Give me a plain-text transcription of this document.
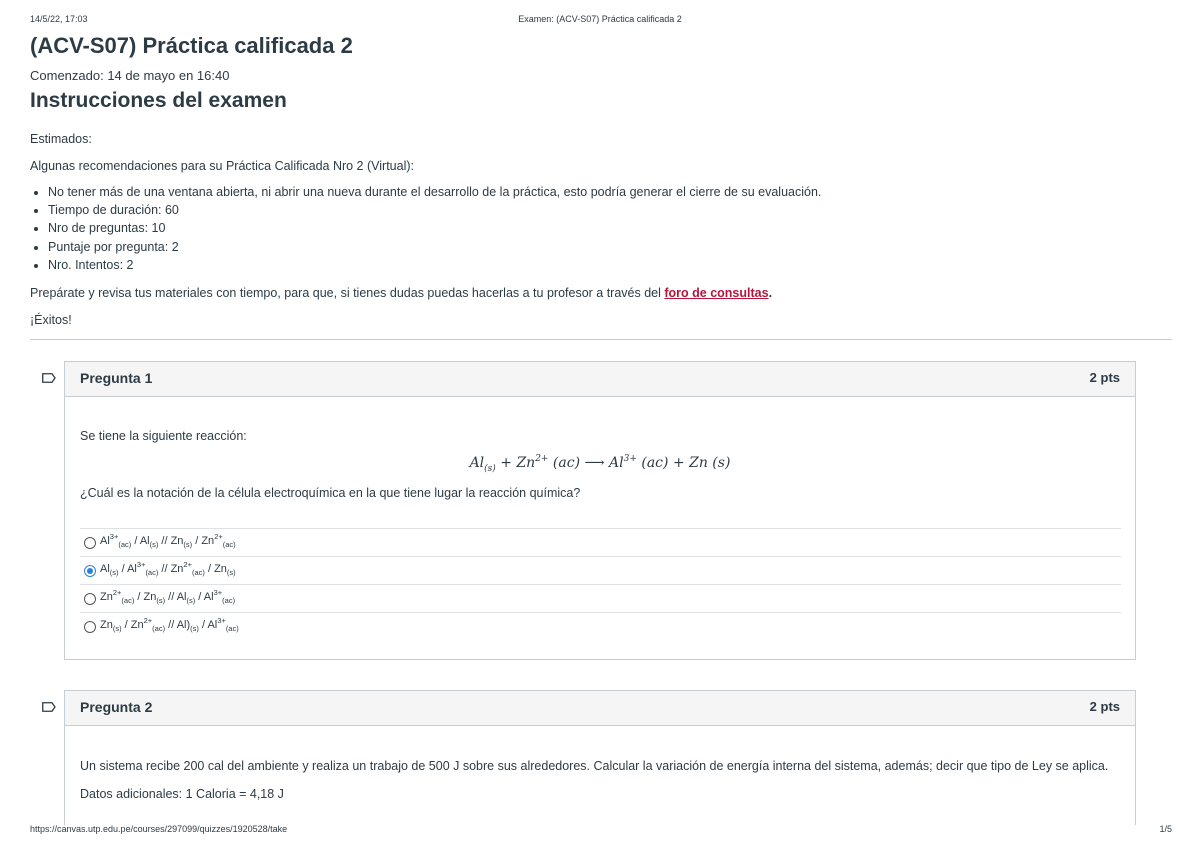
14/5/22, 17:03	Examen: (ACV-S07) Práctica calificada 2
(ACV-S07) Práctica calificada 2
Comenzado: 14 de mayo en 16:40
Instrucciones del examen
Estimados:
Algunas recomendaciones para su Práctica Calificada Nro 2 (Virtual):
• No tener más de una ventana abierta, ni abrir una nueva durante el desarrollo de la práctica, esto podría generar el cierre de su evaluación.
• Tiempo de duración: 60
• Nro de preguntas: 10
• Puntaje por pregunta: 2
• Nro. Intentos: 2
Prepárate y revisa tus materiales con tiempo, para que, si tienes dudas puedas hacerlas a tu profesor a través del foro de consultas.
¡Éxitos!
Pregunta 1	2 pts
Se tiene la siguiente reacción:
$Al_{(s)} + Zn^{2+}$ (ac) ⟶ $Al^{3+}$ (ac) + Zn (s)
¿Cuál es la notación de la célula electroquímica en la que tiene lugar la reacción química?
$Al^{3+}_{(ac)} / Al_{(s)} // Zn_{(s)} / Zn^{2+}_{(ac)}$
$Al_{(s)} / Al^{3+}_{(ac)} // Zn^{2+}_{(ac)} / Zn_{(s)}$
$Zn^{2+}_{(ac)} / Zn_{(s)} // Al_{(s)} / Al^{3+}_{(ac)}$
$Zn_{(s)} / Zn^{2+}_{(ac)} // Al)_{(s)} / Al^{3+}_{(ac)}$
Pregunta 2	2 pts
Un sistema recibe 200 cal del ambiente y realiza un trabajo de 500 J sobre sus alrededores. Calcular la variación de energía interna del sistema, además; decir que tipo de Ley se aplica.
Datos adicionales: 1 Caloria = 4,18 J
https://canvas.utp.edu.pe/courses/297099/quizzes/1920528/take	1/5
